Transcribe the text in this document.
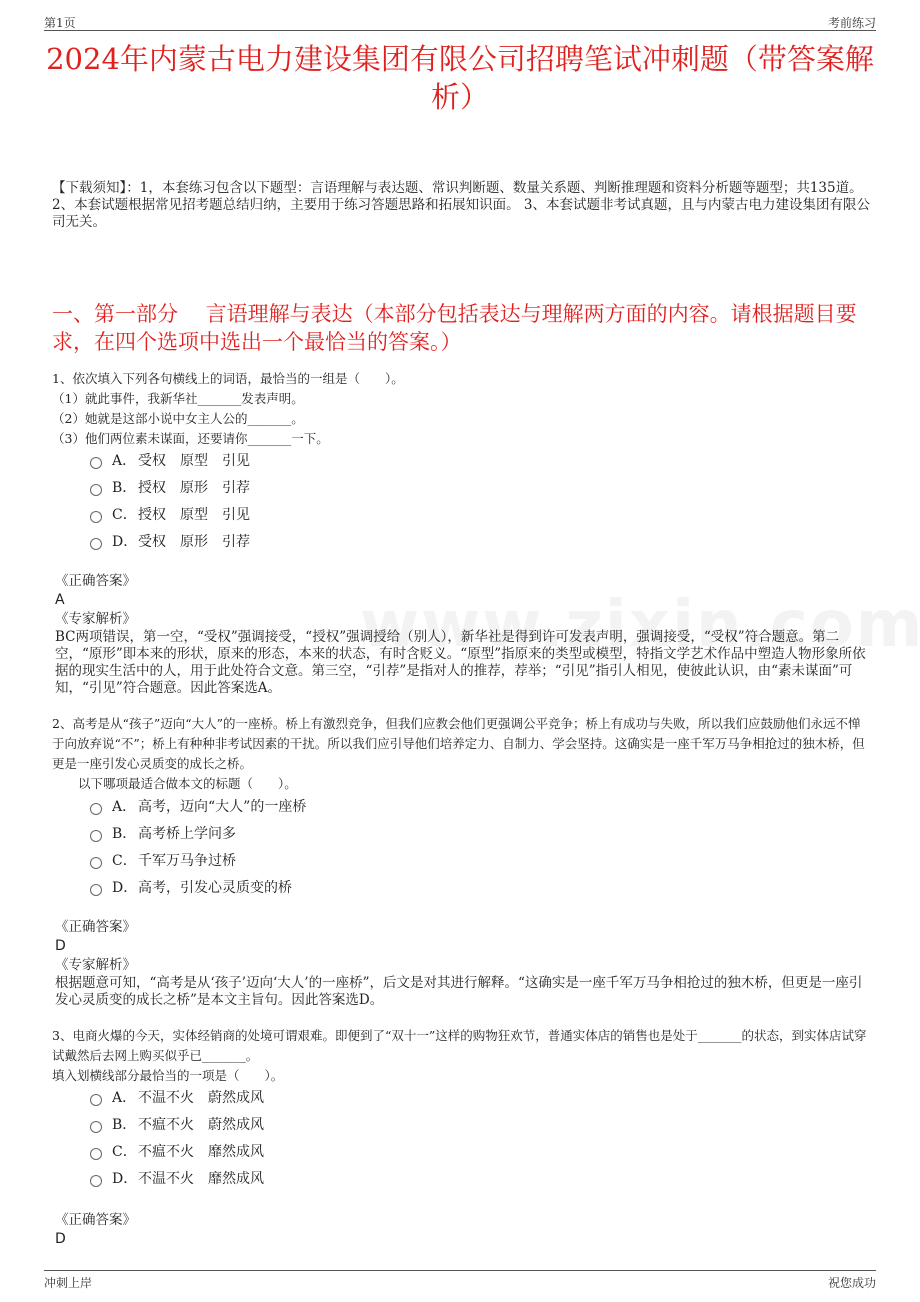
第1页	考前练习
2024年内蒙古电力建设集团有限公司招聘笔试冲刺题（带答案解析）
【下载须知】：1，本套练习包含以下题型：言语理解与表达题、常识判断题、数量关系题、判断推理题和资料分析题等题型；共135道。 2、本套试题根据常见招考题总结归纳，主要用于练习答题思路和拓展知识面。 3、本套试题非考试真题，且与内蒙古电力建设集团有限公司无关。
一、第一部分　 言语理解与表达（本部分包括表达与理解两方面的内容。请根据题目要求，在四个选项中选出一个最恰当的答案。）
1、依次填入下列各句横线上的词语，最恰当的一组是（　　）。
（1）就此事件，我新华社_______发表声明。
（2）她就是这部小说中女主人公的_______。
（3）他们两位素未谋面，还要请你_______一下。
A． 受权　原型　引见
B． 授权　原形　引荐
C． 授权　原型　引见
D． 受权　原形　引荐
《正确答案》
A
《专家解析》
BC两项错误，第一空，“受权”强调接受，“授权”强调授给（别人），新华社是得到许可发表声明，强调接受，“受权”符合题意。第二空，“原形”即本来的形状，原来的形态，本来的状态，有时含贬义。“原型”指原来的类型或模型，特指文学艺术作品中塑造人物形象所依据的现实生活中的人，用于此处符合文意。第三空，“引荐”是指对人的推荐，荐举；“引见”指引人相见，使彼此认识，由“素未谋面”可知，“引见”符合题意。因此答案选A。
2、高考是从“孩子”迈向“大人”的一座桥。桥上有激烈竞争，但我们应教会他们更强调公平竞争；桥上有成功与失败，所以我们应鼓励他们永远不惮于向放弃说“不”；桥上有种种非考试因素的干扰。所以我们应引导他们培养定力、自制力、学会坚持。这确实是一座千军万马争相抢过的独木桥，但更是一座引发心灵质变的成长之桥。
以下哪项最适合做本文的标题（　　）。
A． 高考，迈向“大人”的一座桥
B． 高考桥上学问多
C． 千军万马争过桥
D． 高考，引发心灵质变的桥
《正确答案》
D
《专家解析》
根据题意可知，“高考是从‘孩子’迈向‘大人’的一座桥”，后文是对其进行解释。“这确实是一座千军万马争相抢过的独木桥，但更是一座引发心灵质变的成长之桥”是本文主旨句。因此答案选D。
3、电商火爆的今天，实体经销商的处境可谓艰难。即便到了“双十一”这样的购物狂欢节，普通实体店的销售也是处于_______的状态，到实体店试穿试戴然后去网上购买似乎已_______。
填入划横线部分最恰当的一项是（　　）。
A． 不温不火　蔚然成风
B． 不瘟不火　蔚然成风
C． 不瘟不火　靡然成风
D． 不温不火　靡然成风
《正确答案》
D
冲刺上岸	祝您成功
